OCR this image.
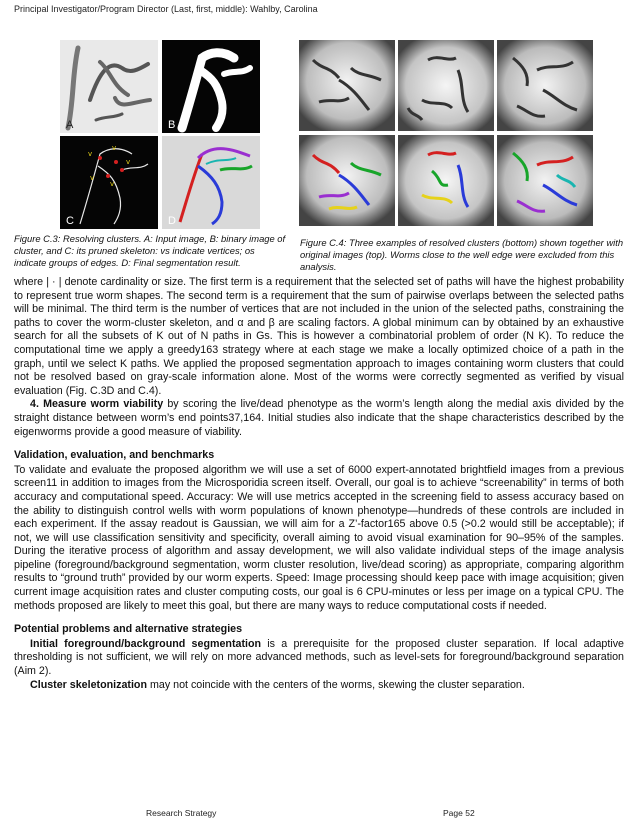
Principal Investigator/Program Director (Last, first, middle): Wahlby, Carolina
A	B
v
v
v
v
v
C	D
Figure C.3: Resolving clusters. A: Input image, B: binary image of cluster, and C: its pruned skeleton: vs indicate vertices; os indicate groups of edges. D: Final segmentation result.
Figure C.4: Three examples of resolved clusters (bottom) shown together with original images (top). Worms close to the well edge were excluded from this analysis.

where | · | denote cardinality or size. The first term is a requirement that the selected set of paths will have the highest probability to represent true worm shapes. The second term is a requirement that the sum of pairwise overlaps between the selected paths will be minimal. The third term is the number of vertices that are not included in the union of the selected paths, constraining the paths to cover the worm-cluster skeleton, and α and β are scaling factors. A global minimum can by obtained by an exhaustive search for all the subsets of K out of N paths in Gs. This is however a combinatorial problem of order (N K). To reduce the computational time we apply a greedy163 strategy where at each stage we make a locally optimized choice of a path in the graph, until we select K paths. We applied the proposed segmentation approach to images containing worm clusters that could not be resolved based on gray-scale information alone. Most of the worms were correctly segmented as verified by visual evaluation (Fig. C.3D and C.4).

4. Measure worm viability by scoring the live/dead phenotype as the worm’s length along the medial axis divided by the straight distance between worm’s end points37,164. Initial studies also indicate that the shape characteristics described by the eigenworms provide a good measure of viability.

Validation, evaluation, and benchmarks

To validate and evaluate the proposed algorithm we will use a set of 6000 expert-annotated brightfield images from a previous screen11 in addition to images from the Microsporidia screen itself. Overall, our goal is to achieve “screenability” in terms of both accuracy and computational speed. Accuracy: We will use metrics accepted in the screening field to assess accuracy based on the ability to distinguish control wells with worm populations of known phenotype—hundreds of these controls are included in each experiment. If the assay readout is Gaussian, we will aim for a Z’-factor165 above 0.5 (>0.2 would still be acceptable); if not, we will use classification sensitivity and specificity, overall aiming to avoid visual examination for 90–95% of the samples. During the iterative process of algorithm and assay development, we will also validate individual steps of the image analysis pipeline (foreground/background segmentation, worm cluster resolution, live/dead scoring) as appropriate, comparing algorithm results to “ground truth” provided by our worm experts. Speed: Image processing should keep pace with image acquisition; given current image acquisition rates and cluster computing costs, our goal is 6 CPU-minutes or less per image on a typical CPU. The methods proposed are likely to meet this goal, but there are many ways to reduce computational costs if needed.

Potential problems and alternative strategies

Initial foreground/background segmentation is a prerequisite for the proposed cluster separation. If local adaptive thresholding is not sufficient, we will rely on more advanced methods, such as level-sets for foreground/background separation (Aim 2).

Cluster skeletonization may not coincide with the centers of the worms, skewing the cluster separation.

Research Strategy	Page 52
